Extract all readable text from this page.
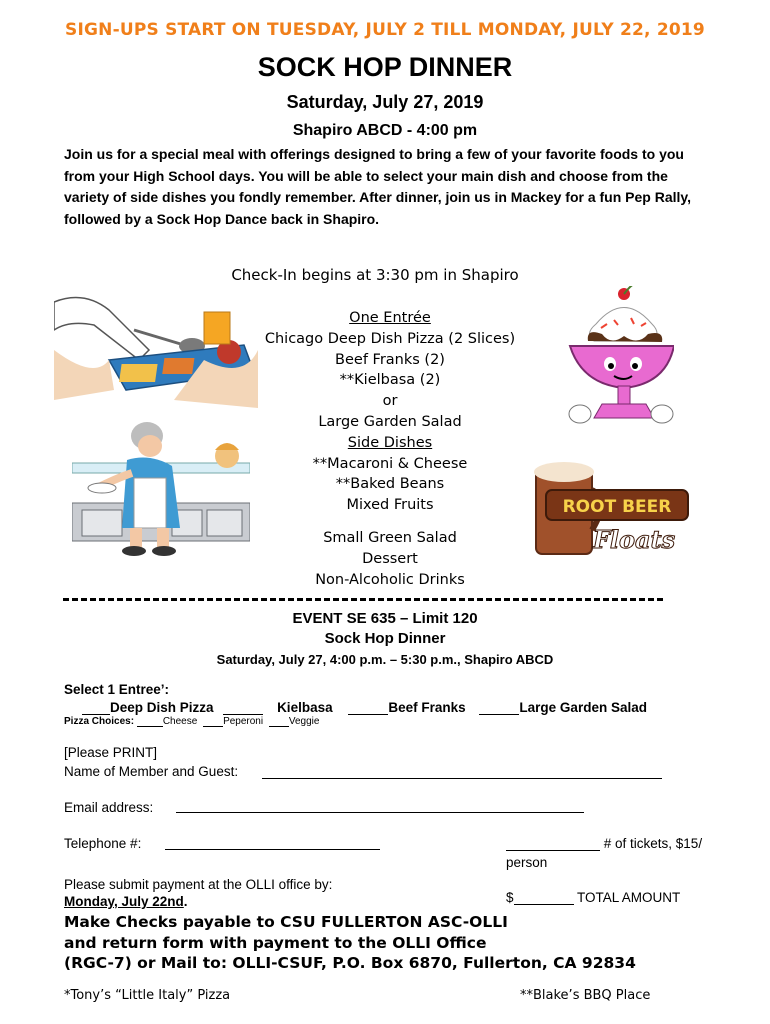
SIGN-UPS START ON TUESDAY, JULY 2 TILL MONDAY, JULY 22, 2019
SOCK HOP DINNER
Saturday, July 27, 2019
Shapiro ABCD - 4:00 pm
Join us for a special meal with offerings designed to bring a few of your favorite foods to you from your High School days. You will be able to select your main dish and choose from the variety of side dishes you fondly remember. After dinner, join us in Mackey for a fun Pep Rally, followed by a Sock Hop Dance back in Shapiro.
Check-In begins at 3:30 pm in Shapiro
ROOT BEER
Floats
One Entrée
Chicago Deep Dish Pizza (2 Slices)
Beef Franks (2)
**Kielbasa (2)
or
Large Garden Salad
Side Dishes
**Macaroni & Cheese
**Baked Beans
Mixed Fruits
Small Green Salad
Dessert
Non-Alcoholic Drinks
EVENT SE 635 – Limit 120
Sock Hop Dinner
Saturday, July 27, 4:00 p.m. – 5:30 p.m., Shapiro ABCD
Select 1 Entree’:
Deep Dish Pizza	Kielbasa	Beef Franks	Large Garden Salad
Pizza Choices:	Cheese	Peperoni	Veggie
[Please PRINT]
Name of Member and Guest:
Email address:
Telephone #:	# of tickets, $15/
person
Please submit payment at the OLLI office by:
Monday, July 22nd.	$	TOTAL AMOUNT
Make Checks payable to CSU FULLERTON ASC-OLLI
and return form with payment to the OLLI Office
(RGC-7) or Mail to: OLLI-CSUF, P.O. Box 6870, Fullerton, CA 92834
*Tony’s “Little Italy” Pizza	**Blake’s BBQ Place
